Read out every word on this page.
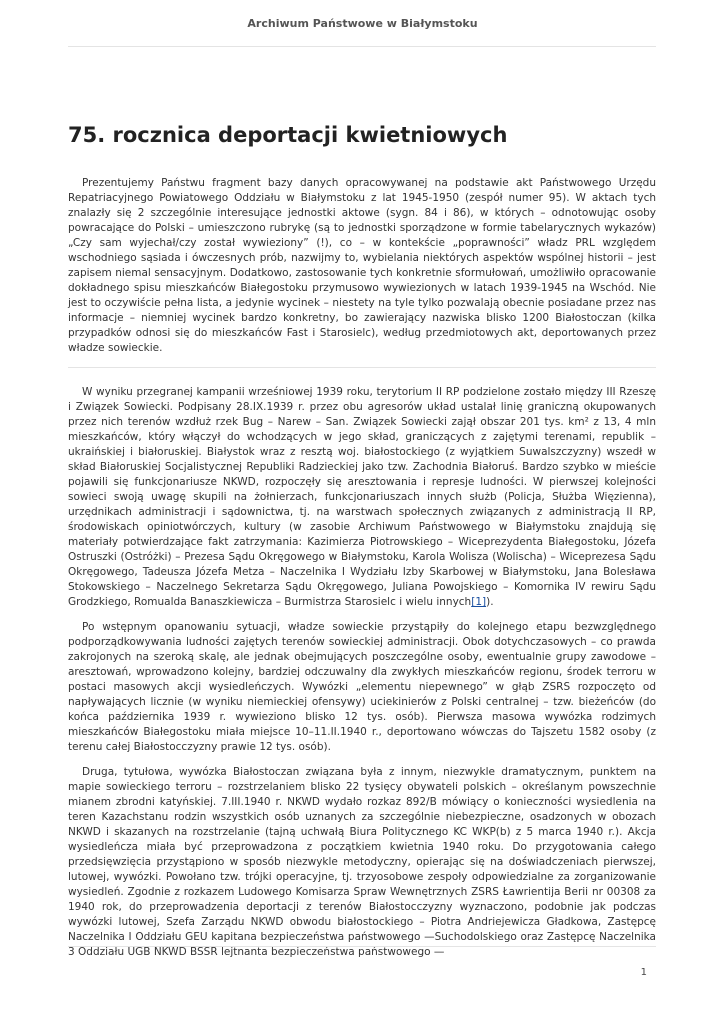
Archiwum Państwowe w Białymstoku
75. rocznica deportacji kwietniowych

Prezentujemy Państwu fragment bazy danych opracowywanej na podstawie akt Państwowego Urzędu Repatriacyjnego Powiatowego Oddziału w Białymstoku z lat 1945-1950 (zespół numer 95). W aktach tych znalazły się 2 szczególnie interesujące jednostki aktowe (sygn. 84 i 86), w których – odnotowując osoby powracające do Polski – umieszczono rubrykę (są to jednostki sporządzone w formie tabelarycznych wykazów) „Czy sam wyjechał/czy został wywieziony” (!), co – w kontekście „poprawności” władz PRL względem wschodniego sąsiada i ówczesnych prób, nazwijmy to, wybielania niektórych aspektów wspólnej historii – jest zapisem niemal sensacyjnym. Dodatkowo, zastosowanie tych konkretnie sformułowań, umożliwiło opracowanie dokładnego spisu mieszkańców Białegostoku przymusowo wywiezionych w latach 1939-1945 na Wschód. Nie jest to oczywiście pełna lista, a jedynie wycinek – niestety na tyle tylko pozwalają obecnie posiadane przez nas informacje – niemniej wycinek bardzo konkretny, bo zawierający nazwiska blisko 1200 Białostoczan (kilka przypadków odnosi się do mieszkańców Fast i Starosielc), według przedmiotowych akt, deportowanych przez władze sowieckie.

W wyniku przegranej kampanii wrześniowej 1939 roku, terytorium II RP podzielone zostało między III Rzeszę i Związek Sowiecki. Podpisany 28.IX.1939 r. przez obu agresorów układ ustalał linię graniczną okupowanych przez nich terenów wzdłuż rzek Bug – Narew – San. Związek Sowiecki zajął obszar 201 tys. km² z 13, 4 mln mieszkańców, który włączył do wchodzących w jego skład, graniczących z zajętymi terenami, republik – ukraińskiej i białoruskiej. Białystok wraz z resztą woj. białostockiego (z wyjątkiem Suwalszczyzny) wszedł w skład Białoruskiej Socjalistycznej Republiki Radzieckiej jako tzw. Zachodnia Białoruś. Bardzo szybko w mieście pojawili się funkcjonariusze NKWD, rozpoczęły się aresztowania i represje ludności. W pierwszej kolejności sowieci swoją uwagę skupili na żołnierzach, funkcjonariuszach innych służb (Policja, Służba Więzienna), urzędnikach administracji i sądownictwa, tj. na warstwach społecznych związanych z administracją II RP, środowiskach opiniotwórczych, kultury (w zasobie Archiwum Państwowego w Białymstoku znajdują się materiały potwierdzające fakt zatrzymania: Kazimierza Piotrowskiego – Wiceprezydenta Białegostoku, Józefa Ostruszki (Ostróżki) – Prezesa Sądu Okręgowego w Białymstoku, Karola Wolisza (Wolischa) – Wiceprezesa Sądu Okręgowego, Tadeusza Józefa Metza – Naczelnika I Wydziału Izby Skarbowej w Białymstoku, Jana Bolesława Stokowskiego – Naczelnego Sekretarza Sądu Okręgowego, Juliana Powojskiego – Komornika IV rewiru Sądu Grodzkiego, Romualda Banaszkiewicza – Burmistrza Starosielc i wielu innych[1]).

Po wstępnym opanowaniu sytuacji, władze sowieckie przystąpiły do kolejnego etapu bezwzględnego podporządkowywania ludności zajętych terenów sowieckiej administracji. Obok dotychczasowych – co prawda zakrojonych na szeroką skalę, ale jednak obejmujących poszczególne osoby, ewentualnie grupy zawodowe – aresztowań, wprowadzono kolejny, bardziej odczuwalny dla zwykłych mieszkańców regionu, środek terroru w postaci masowych akcji wysiedleńczych. Wywózki „elementu niepewnego” w głąb ZSRS rozpoczęto od napływających licznie (w wyniku niemieckiej ofensywy) uciekinierów z Polski centralnej – tzw. bieżeńców (do końca października 1939 r. wywieziono blisko 12 tys. osób). Pierwsza masowa wywózka rodzimych mieszkańców Białegostoku miała miejsce 10–11.II.1940 r., deportowano wówczas do Tajszetu 1582 osoby (z terenu całej Białostocczyzny prawie 12 tys. osób).

Druga, tytułowa, wywózka Białostoczan związana była z innym, niezwykle dramatycznym, punktem na mapie sowieckiego terroru – rozstrzelaniem blisko 22 tysięcy obywateli polskich – określanym powszechnie mianem zbrodni katyńskiej. 7.III.1940 r. NKWD wydało rozkaz 892/B mówiący o konieczności wysiedlenia na teren Kazachstanu rodzin wszystkich osób uznanych za szczególnie niebezpieczne, osadzonych w obozach NKWD i skazanych na rozstrzelanie (tajną uchwałą Biura Politycznego KC WKP(b) z 5 marca 1940 r.). Akcja wysiedleńcza miała być przeprowadzona z początkiem kwietnia 1940 roku. Do przygotowania całego przedsięwzięcia przystąpiono w sposób niezwykle metodyczny, opierając się na doświadczeniach pierwszej, lutowej, wywózki. Powołano tzw. trójki operacyjne, tj. trzyosobowe zespoły odpowiedzialne za zorganizowanie wysiedleń. Zgodnie z rozkazem Ludowego Komisarza Spraw Wewnętrznych ZSRS Ławrientija Berii nr 00308 za 1940 rok, do przeprowadzenia deportacji z terenów Białostocczyzny wyznaczono, podobnie jak podczas wywózki lutowej, Szefa Zarządu NKWD obwodu białostockiego – Piotra Andriejewicza Gładkowa, Zastępcę Naczelnika I Oddziału GEU kapitana bezpieczeństwa państwowego —Suchodolskiego oraz Zastępcę Naczelnika 3 Oddziału UGB NKWD BSSR lejtnanta bezpieczeństwa państwowego —

1
